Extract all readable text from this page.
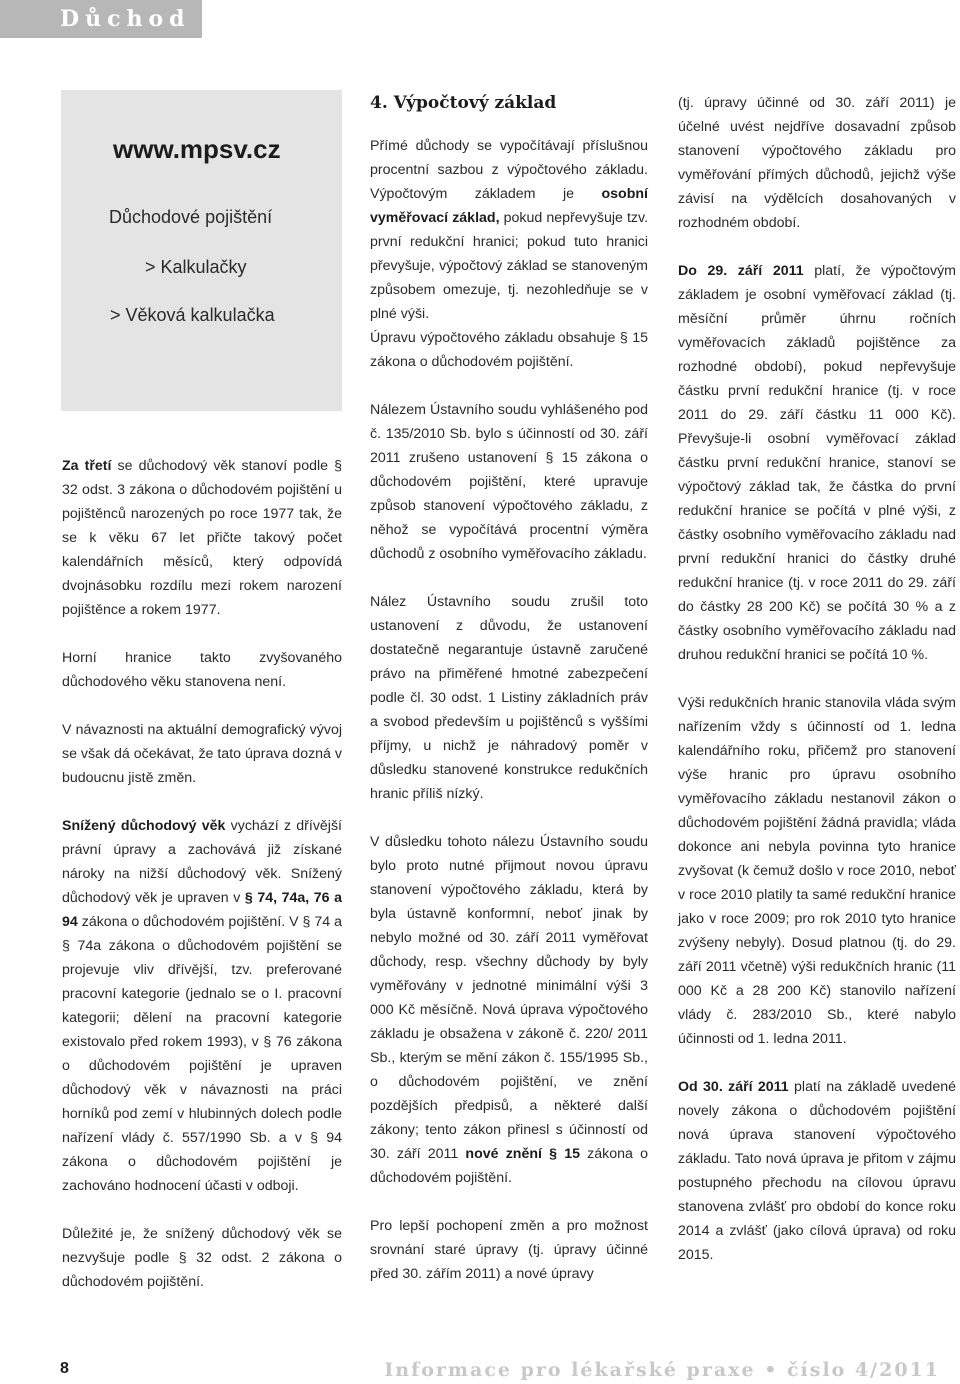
Důchod
www.mpsv.cz
Důchodové pojištění
> Kalkulačky
> Věková kalkulačka

Za třetí se důchodový věk stanoví podle § 32 odst. 3 zákona o důchodovém pojištění u pojištěnců narozených po roce 1977 tak, že se k věku 67 let přičte takový počet kalendářních měsíců, který odpovídá dvojnásobku rozdílu mezi rokem narození pojištěnce a rokem 1977.

Horní hranice takto zvyšovaného důchodového věku stanovena není.

V návaznosti na aktuální demografický vývoj se však dá očekávat, že tato úprava dozná v budoucnu jistě změn.

Snížený důchodový věk vychází z dřívější právní úpravy a zachovává již získané nároky na nižší důchodový věk. Snížený důchodový věk je upraven v § 74, 74a, 76 a 94 zákona o důchodovém pojištění. V § 74 a § 74a zákona o důchodovém pojištění se projevuje vliv dřívější, tzv. preferované pracovní kategorie (jednalo se o I. pracovní kategorii; dělení na pracovní kategorie existovalo před rokem 1993), v § 76 zákona o důchodovém pojištění je upraven důchodový věk v návaznosti na práci horníků pod zemí v hlubinných dolech podle nařízení vlády č. 557/1990 Sb. a v § 94 zákona o důchodovém pojištění je zachováno hodnocení účasti v odboji.

Důležité je, že snížený důchodový věk se nezvyšuje podle § 32 odst. 2 zákona o důchodovém pojištění.

4. Výpočtový základ

Přímé důchody se vypočítávají příslušnou procentní sazbou z výpočtového základu. Výpočtovým základem je osobní vyměřovací základ, pokud nepřevyšuje tzv. první redukční hranici; pokud tuto hranici převyšuje, výpočtový základ se stanoveným způsobem omezuje, tj. nezohledňuje se v plné výši.

Úpravu výpočtového základu obsahuje § 15 zákona o důchodovém pojištění.

Nálezem Ústavního soudu vyhlášeného pod č. 135/2010 Sb. bylo s účinností od 30. září 2011 zrušeno ustanovení § 15 zákona o důchodovém pojištění, které upravuje způsob stanovení výpočtového základu, z něhož se vypočítává procentní výměra důchodů z osobního vyměřovacího základu.

Nález Ústavního soudu zrušil toto ustanovení z důvodu, že ustanovení dostatečně negarantuje ústavně zaručené právo na přiměřené hmotné zabezpečení podle čl. 30 odst. 1 Listiny základních práv a svobod především u pojištěnců s vyššími příjmy, u nichž je náhradový poměr v důsledku stanovené konstrukce redukčních hranic příliš nízký.

V důsledku tohoto nálezu Ústavního soudu bylo proto nutné přijmout novou úpravu stanovení výpočtového základu, která by byla ústavně konformní, neboť jinak by nebylo možné od 30. září 2011 vyměřovat důchody, resp. všechny důchody by byly vyměřovány v jednotné minimální výši 3 000 Kč měsíčně. Nová úprava výpočtového základu je obsažena v zákoně č. 220/ 2011 Sb., kterým se mění zákon č. 155/1995 Sb., o důchodovém pojištění, ve znění pozdějších předpisů, a některé další zákony; tento zákon přinesl s účinností od 30. září 2011 nové znění § 15 zákona o důchodovém pojištění.

Pro lepší pochopení změn a pro možnost srovnání staré úpravy (tj. úpravy účinné před 30. zářím 2011) a nové úpravy

(tj. úpravy účinné od 30. září 2011) je účelné uvést nejdříve dosavadní způsob stanovení výpočtového základu pro vyměřování přímých důchodů, jejichž výše závisí na výdělcích dosahovaných v rozhodném období.

Do 29. září 2011 platí, že výpočtovým základem je osobní vyměřovací základ (tj. měsíční průměr úhrnu ročních vyměřovacích základů pojištěnce za rozhodné období), pokud nepřevyšuje částku první redukční hranice (tj. v roce 2011 do 29. září částku 11 000 Kč). Převyšuje-li osobní vyměřovací základ částku první redukční hranice, stanoví se výpočtový základ tak, že částka do první redukční hranice se počítá v plné výši, z částky osobního vyměřovacího základu nad první redukční hranici do částky druhé redukční hranice (tj. v roce 2011 do 29. září do částky 28 200 Kč) se počítá 30 % a z částky osobního vyměřovacího základu nad druhou redukční hranici se počítá 10 %.

Výši redukčních hranic stanovila vláda svým nařízením vždy s účinností od 1. ledna kalendářního roku, přičemž pro stanovení výše hranic pro úpravu osobního vyměřovacího základu nestanovil zákon o důchodovém pojištění žádná pravidla; vláda dokonce ani nebyla povinna tyto hranice zvyšovat (k čemuž došlo v roce 2010, neboť v roce 2010 platily ta samé redukční hranice jako v roce 2009; pro rok 2010 tyto hranice zvýšeny nebyly). Dosud platnou (tj. do 29. září 2011 včetně) výši redukčních hranic (11 000 Kč a 28 200 Kč) stanovilo nařízení vlády č. 283/2010 Sb., které nabylo účinnosti od 1. ledna 2011.

Od 30. září 2011 platí na základě uvedené novely zákona o důchodovém pojištění nová úprava stanovení výpočtového základu. Tato nová úprava je přitom v zájmu postupného přechodu na cílovou úpravu stanovena zvlášť pro období do konce roku 2014 a zvlášť (jako cílová úprava) od roku 2015.

8	Informace pro lékařské praxe • číslo 4/2011
